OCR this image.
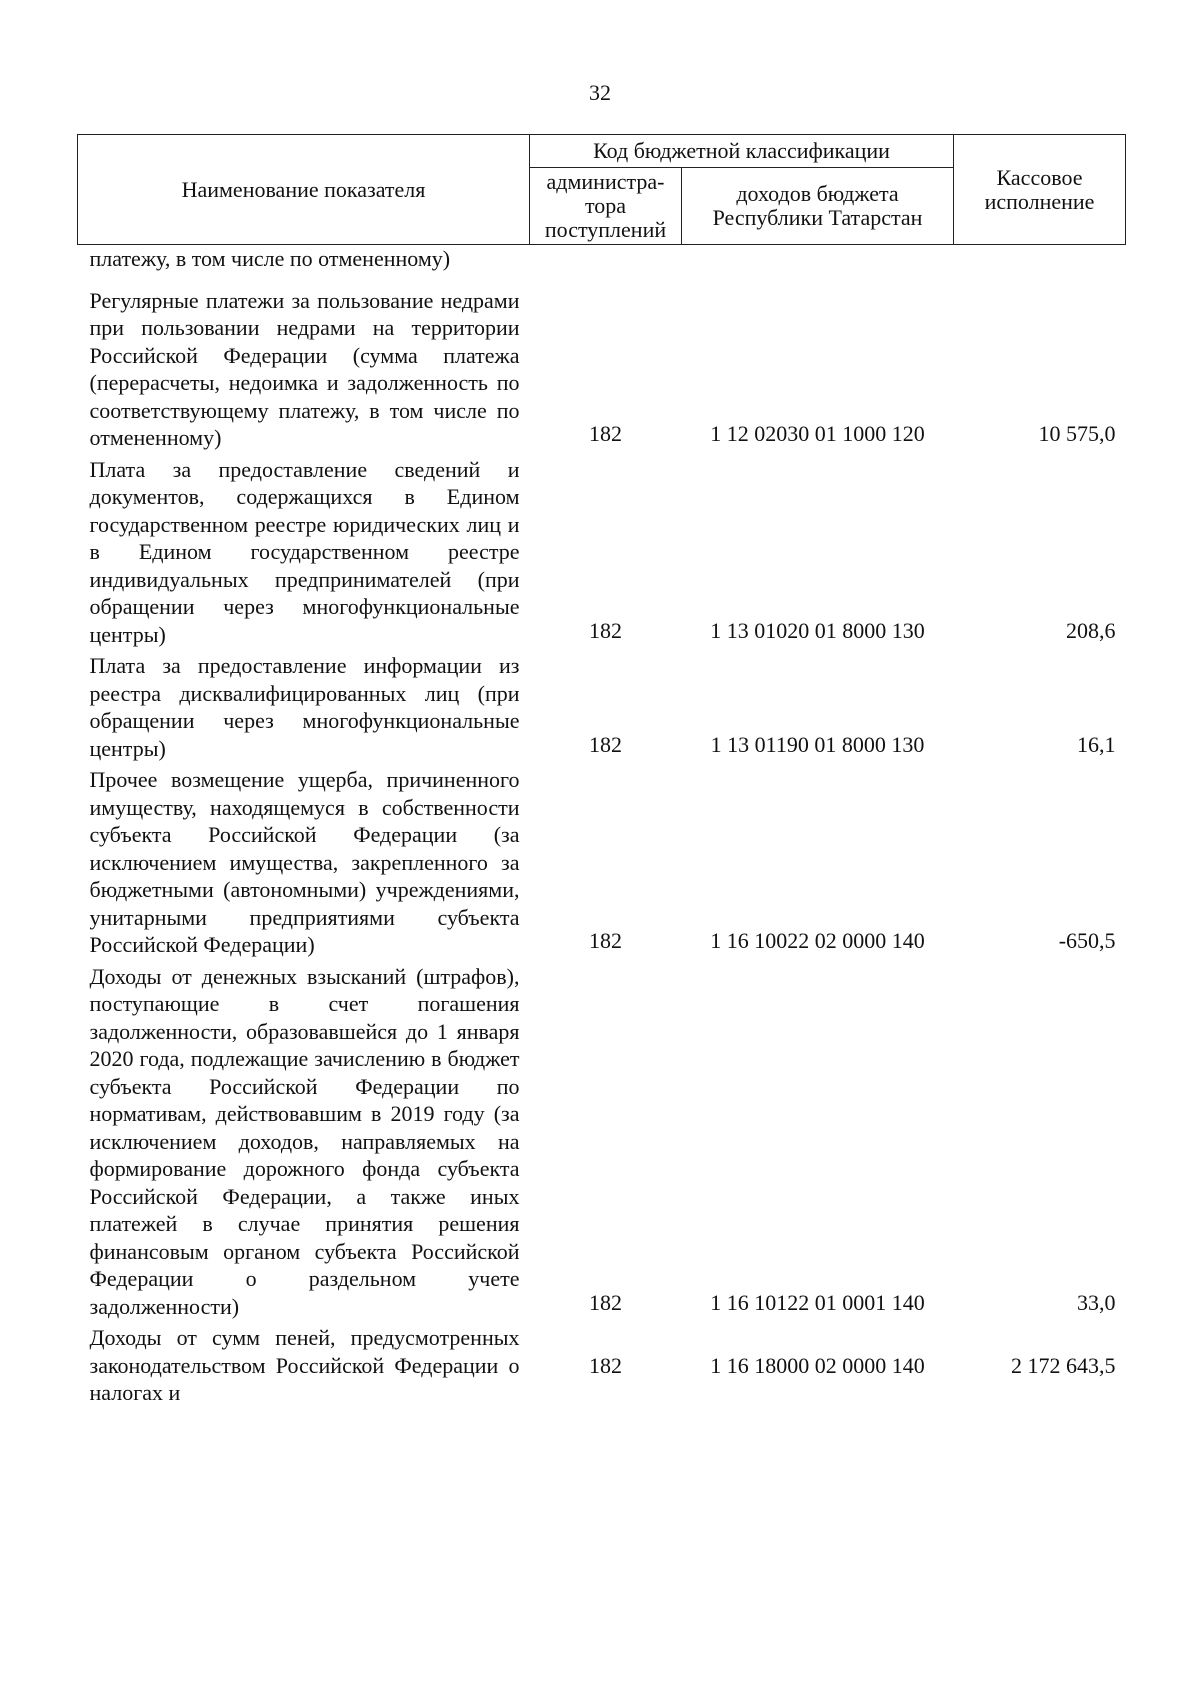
32
Наименование показателя	Код бюджетной классификации		Кассовое исполнение
	администра-тора поступлений	доходов бюджета Республики Татарстан	
платежу, в том числе по отмененному)			
Регулярные платежи за пользование недрами при пользовании недрами на территории Российской Федерации (сумма платежа (перерасчеты, недоимка и задолженность по соответствующему платежу, в том числе по отмененному)	182	1 12 02030 01 1000 120	10 575,0
Плата за предоставление сведений и документов, содержащихся в Едином государственном реестре юридических лиц и в Едином государственном реестре индивидуальных предпринимателей (при обращении через многофункциональные центры)	182	1 13 01020 01 8000 130	208,6
Плата за предоставление информации из реестра дисквалифицированных лиц (при обращении через многофункциональные центры)	182	1 13 01190 01 8000 130	16,1
Прочее возмещение ущерба, причиненного имуществу, находящемуся в собственности субъекта Российской Федерации (за исключением имущества, закрепленного за бюджетными (автономными) учреждениями, унитарными предприятиями субъекта Российской Федерации)	182	1 16 10022 02 0000 140	-650,5
Доходы от денежных взысканий (штрафов), поступающие в счет погашения задолженности, образовавшейся до 1 января 2020 года, подлежащие зачислению в бюджет субъекта Российской Федерации по нормативам, действовавшим в 2019 году (за исключением доходов, направляемых на формирование дорожного фонда субъекта Российской Федерации, а также иных платежей в случае принятия решения финансовым органом субъекта Российской Федерации о раздельном учете задолженности)	182	1 16 10122 01 0001 140	33,0
Доходы от сумм пеней, предусмотренных законодательством Российской Федерации о налогах и	182	1 16 18000 02 0000 140	2 172 643,5
